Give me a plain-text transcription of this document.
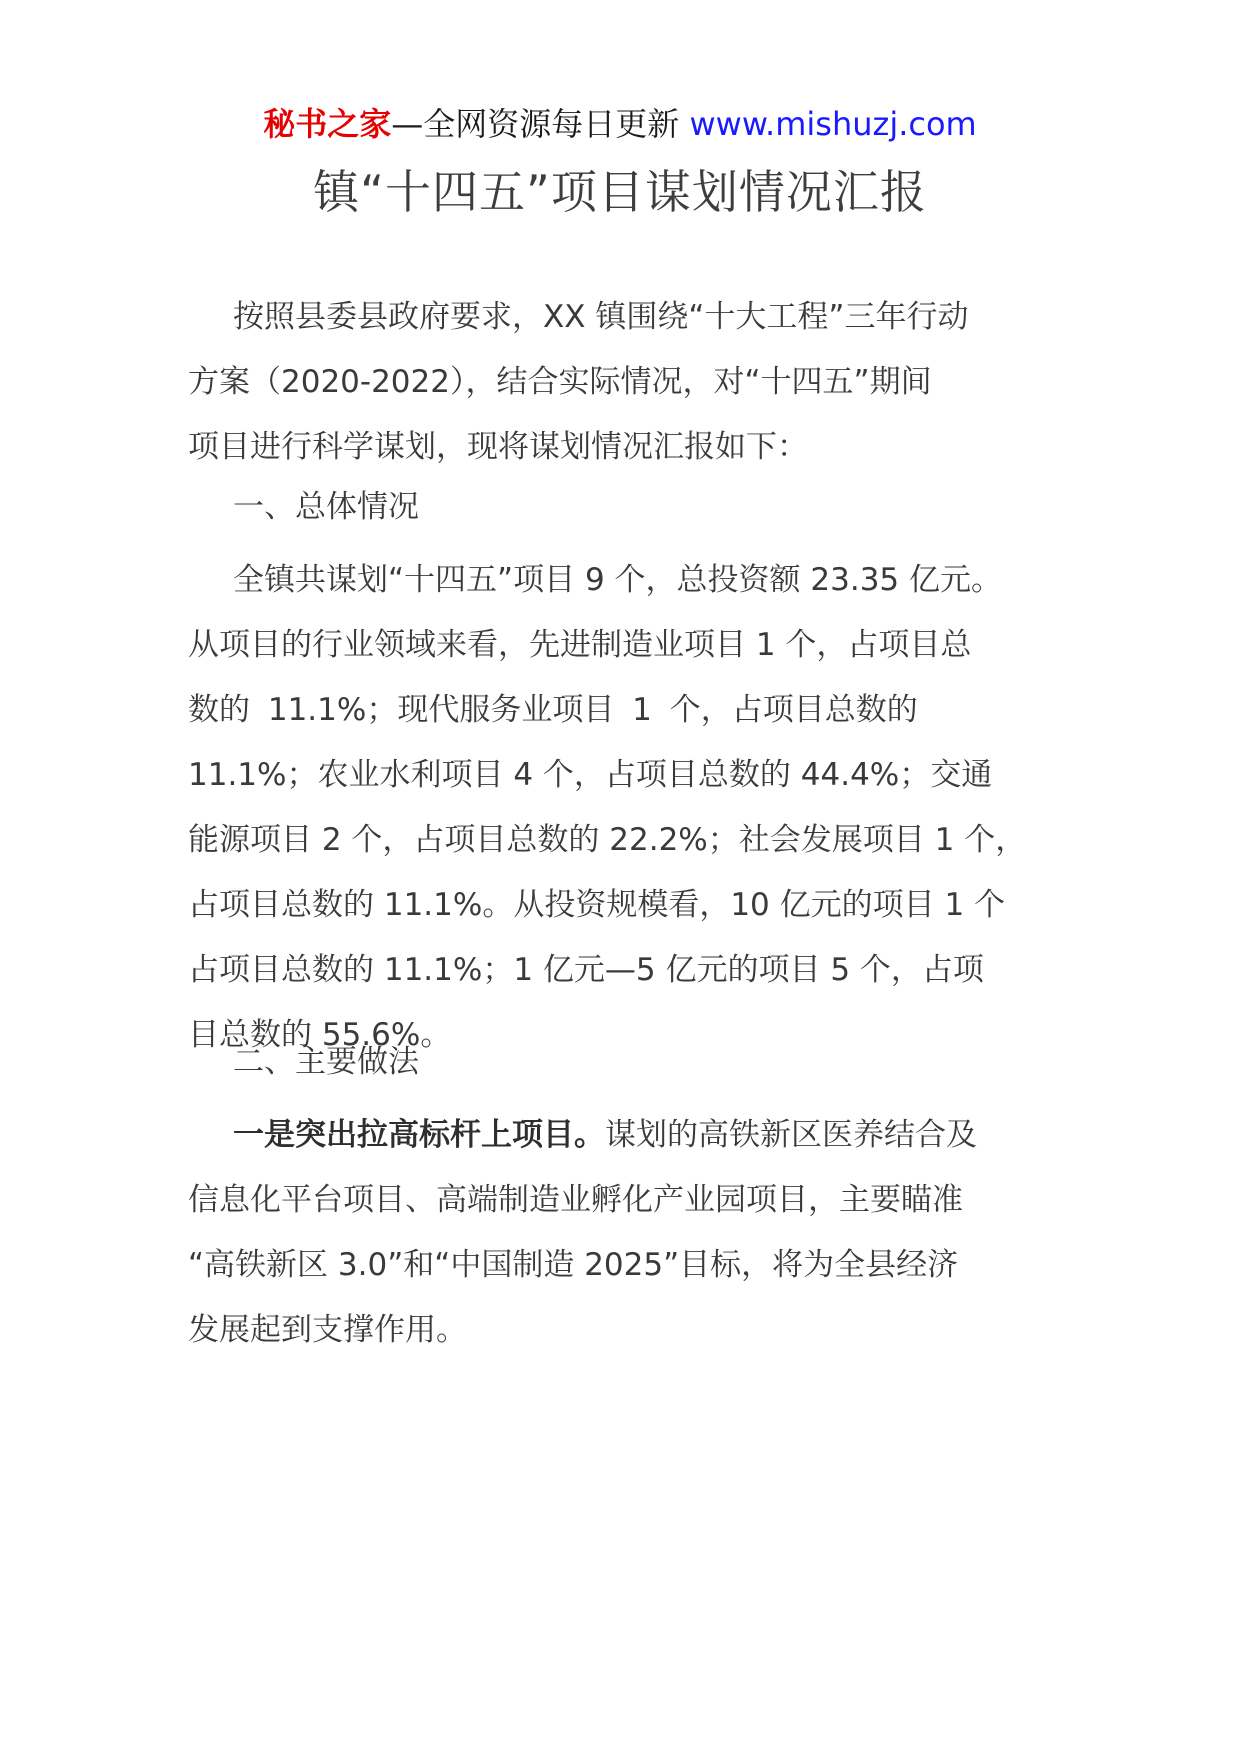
秘书之家—全网资源每日更新 www.mishuzj.com
镇“十四五”项目谋划情况汇报
按照县委县政府要求，XX 镇围绕“十大工程”三年行动
方案（2020-2022），结合实际情况，对“十四五”期间
项目进行科学谋划，现将谋划情况汇报如下：
一、总体情况
全镇共谋划“十四五”项目 9 个，总投资额 23.35 亿元。
从项目的行业领域来看，先进制造业项目 1 个，占项目总
数的 11.1%；现代服务业项目 1 个，占项目总数的
11.1%；农业水利项目 4 个，占项目总数的 44.4%；交通
能源项目 2 个，占项目总数的 22.2%；社会发展项目 1 个，
占项目总数的 11.1%。从投资规模看，10 亿元的项目 1 个
占项目总数的 11.1%；1 亿元—5 亿元的项目 5 个，占项
目总数的 55.6%。
二、主要做法
一是突出拉高标杆上项目。谋划的高铁新区医养结合及
信息化平台项目、高端制造业孵化产业园项目，主要瞄准
“高铁新区 3.0”和“中国制造 2025”目标，将为全县经济
发展起到支撑作用。
